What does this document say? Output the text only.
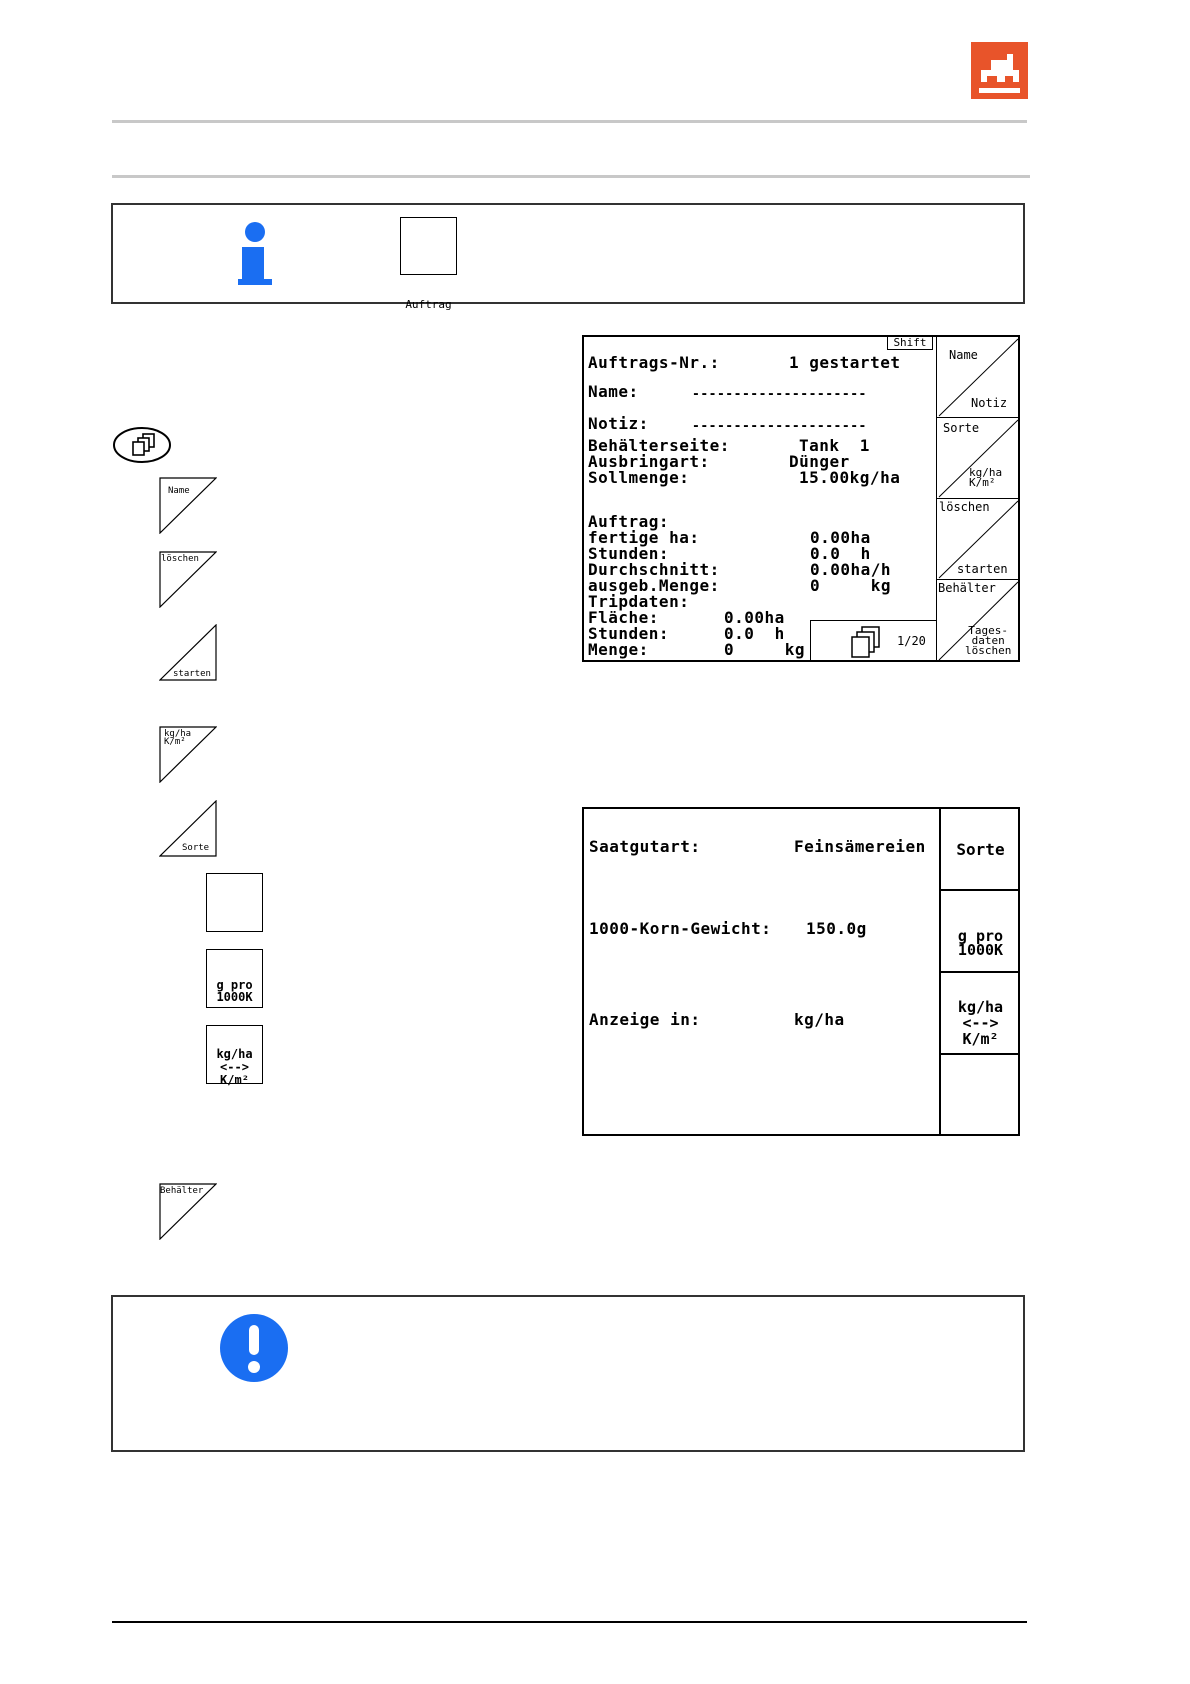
Auftrag

Shift
Auftrags-Nr.:	1 gestartet
Name:	---------------------
Notiz:	---------------------
Behälterseite:	Tank  1
Ausbringart:	Dünger
Sollmenge:	15.00kg/ha
Auftrag:
fertige ha:	0.00ha
Stunden:	0.0  h
Durchschnitt:	0.00ha/h
ausgeb.Menge:	0     kg
Tripdaten:
Fläche:	0.00ha
Stunden:	0.0  h
Menge:	0     kg	1/20
Name
Notiz
Sorte
kg/ha
K/m²
löschen
starten
Behälter
Tages-
daten
löschen
Name
löschen
starten
kg/ha
K/m²
Sorte

g pro
1000K

kg/ha
<-->
K/m²

Behälter
Saatgutart:	Feinsämereien
1000-Korn-Gewicht: 150.0g
Anzeige in:	kg/ha
Sorte

g pro
1000K

kg/ha
<-->
K/m²
